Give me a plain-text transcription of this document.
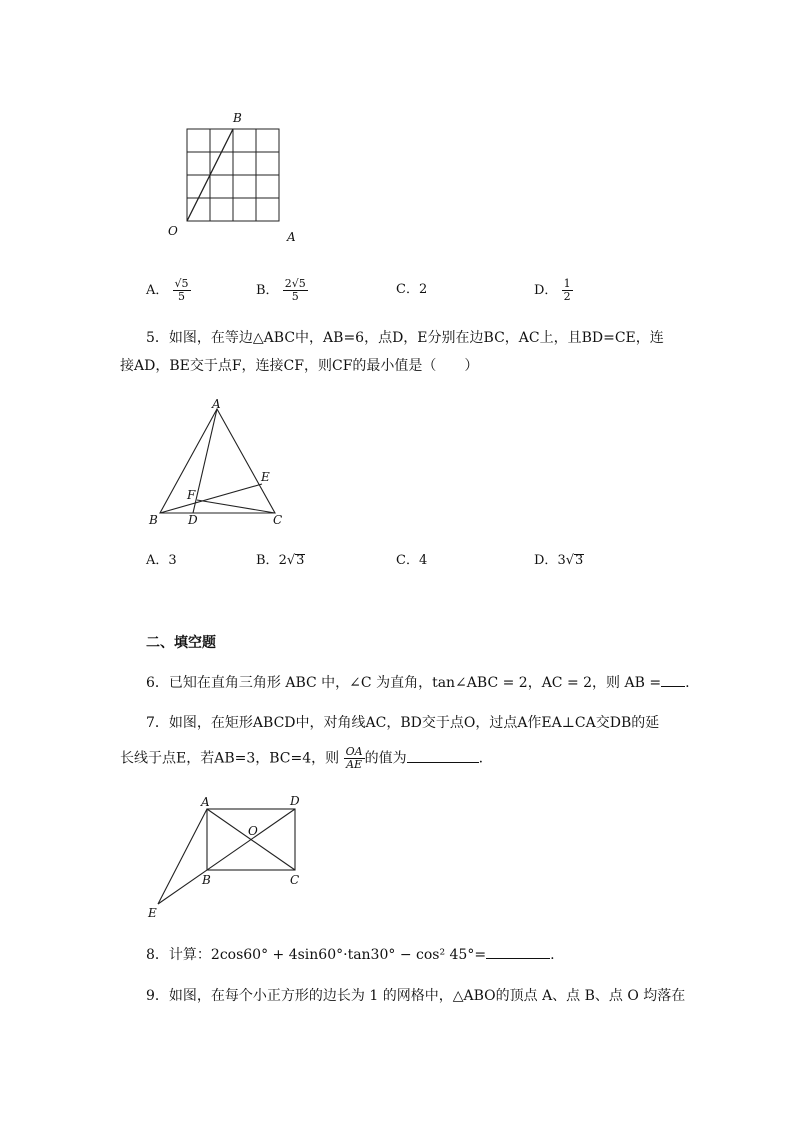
B
O	A
A． $\frac{√5}{5}$	B． $\frac{2√5}{5}$	C．2	D． $\frac{1}{2}$
5．如图，在等边△ABC中，AB=6，点D，E分别在边BC，AC上，且BD=CE，连
接AD，BE交于点F，连接CF，则CF的最小值是（　　）
A
B	C
D
E
F
A．3	B．2√3	C．4	D．3√3
二、填空题
6．已知在直角三角形 ABC 中，∠C 为直角，tan∠ABC = 2，AC = 2，则 AB = .
7．如图，在矩形ABCD中，对角线AC，BD交于点O，过点A作EA⊥CA交DB的延
长线于点E，若AB=3，BC=4，则 $\frac{OA}{AE}$ 的值为	.
A	D
O
B	C
E
8．计算：2cos60° + 4sin60°·tan30° − cos² 45°=	.
9．如图，在每个小正方形的边长为 1 的网格中，△ABO的顶点 A、点 B、点 O 均落在
